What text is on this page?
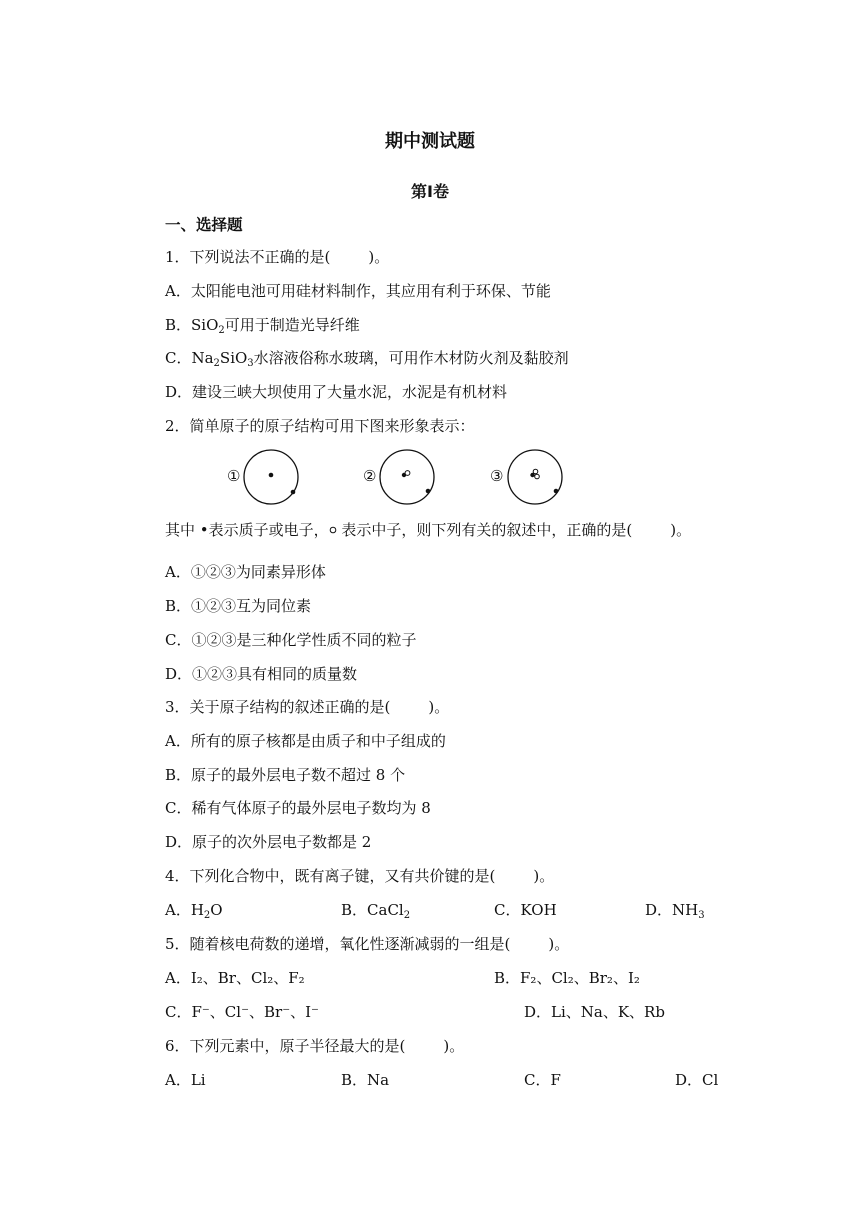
期中测试题
第Ⅰ卷
一、选择题
1．下列说法不正确的是(	)。
A．太阳能电池可用硅材料制作，其应用有利于环保、节能
B．SiO$_2$可用于制造光导纤维
C．$Na_2SiO_3$水溶液俗称水玻璃，可用作木材防火剂及黏胶剂
D．建设三峡大坝使用了大量水泥，水泥是有机材料
2．简单原子的原子结构可用下图来形象表示：
①	②	③
其中 •表示质子或电子， 表示中子，则下列有关的叙述中，正确的是(	)。
A．①②③为同素异形体
B．①②③互为同位素
C．①②③是三种化学性质不同的粒子
D．①②③具有相同的质量数
3．关于原子结构的叙述正确的是(	)。
A．所有的原子核都是由质子和中子组成的
B．原子的最外层电子数不超过 8 个
C．稀有气体原子的最外层电子数均为 8
D．原子的次外层电子数都是 2
4．下列化合物中，既有离子键，又有共价键的是(	)。
A．$H_2O$	B．CaCl$_2$	C．KOH	D．$NH_3$
5．随着核电荷数的递增，氧化性逐渐减弱的一组是(	)。
A．I₂、Br、Cl₂、F₂	B．F₂、Cl₂、Br₂、I₂
C．F⁻、Cl⁻、Br⁻、I⁻	D．Li、Na、K、Rb
6．下列元素中，原子半径最大的是(	)。
A．Li	B．Na	C．F	D．Cl
